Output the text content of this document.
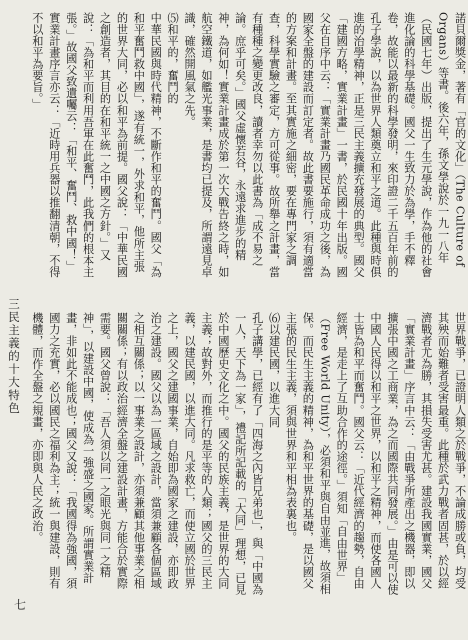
諾貝爾獎金，著有「官的文化」（The Culture of Organs）等書。後六年，孫文學說於一九一八年（民國七年）出版，提出了生元學說，作為他的社會進化論的科學基礎。國父一生致力於為學，手不釋卷，故能以最新的科學發明，來印證二千五百年前的孔子學說，以為世界人類奠立和平之道。此種與時俱進的治學精神，正是三民主義擴充發展的典型。國父「建國方略，實業計畫」一書，於民國十年出版。國父在自序中云：「實業計畫乃國民革命成功之後，為國家全盤的建設而訂定者。故此書要施行，須有適當的方案和計畫。至其實施之細密，要在專門家之調查，科學實驗之審定，方可從事。故所舉之計畫，當有種種之變更改良，讀者幸勿以此書為「成不易之論。庶乎可矣。」國父虛懷若谷，永遠求進步的精神，為何如！實業計畫成於第一次大戰告終之時，如航空鐵道，如艦光事業，是書均已提及，所謂遠見卓識，確然開風氣之先。
⑸和平的，奮鬥的
中華民國與時代精神，不斷作和平的奮鬥。國父「為和平奮鬥救中國」，遂有統一，外求和平，他所主張的世界大同，必以和平為前提。國父說：「中華民國之創造者，其目的在和平統一之中國之方針。」又說：「為和平而利用吾軍在此奮鬥，此我們的根本主張。」故國父致遺囑云：「和平、奮鬥、救中國！」實業計畫序言亦云：「近時用兵器以推翻清朝，不得不以和平為要旨。」
世界戰爭，已證明人類之於戰爭，不論成勝或負，均受其殃而始難者受害最重。此種於武力戰者固甚，於以經濟戰者尤為勝，其損失受害尤甚。建設我國實業，國父「實業計畫」序言中云：「由戰爭所產出之機器，即以擴張中國之工商業，為之而國際共同發展。」由是可以使中國人民得以和平之世界，以和平之精神，而使各國人士皆為和平而奮鬥。國父云：「近代經濟的趨勢，自由經濟，是走上了互助合作的途徑。」須知「自由世界」（Free World Unity），必須和平與自由並進，故須相保。而民生主義的精神，為和平世界的基礎，是以國父主張的民生主義，須與世界和平相為表裏也。
⑹以建民國，以進大同
孔子講學，已經有了「四海之內皆兄弟也」，與「中國為一人，天下為一家」，禮記所記載的「大同」理想，已見於中國歷史文化之中。國父的民族主義，是世界的大同主義；故對外，而推行的是平等的人類；國父的三民主義，以建民國，以進大同。凡求救亡，而使立國於世界之上，國父之建國事業，自始即為國家之建設，亦即政治之建設。國父以為一區域之設計，當須兼顧各個區域之相互關係；以一事業之設計，亦須兼顧其他事業之相關關係；有以政治經濟全盤之建設計畫，方能合於實際需要。國父曾說：「吾人須以同一之眼光與同一之精神」，以建設中國，使成為一強盛之國家。所謂實業計畫，非如此不能成也；國父又說：「我國得為強國，須國力之充實，必以國民之福利為主；統一與建設，則有機體，而作全盤之規畫，亦即與人民之政治。
三民主義的十大特色
七
